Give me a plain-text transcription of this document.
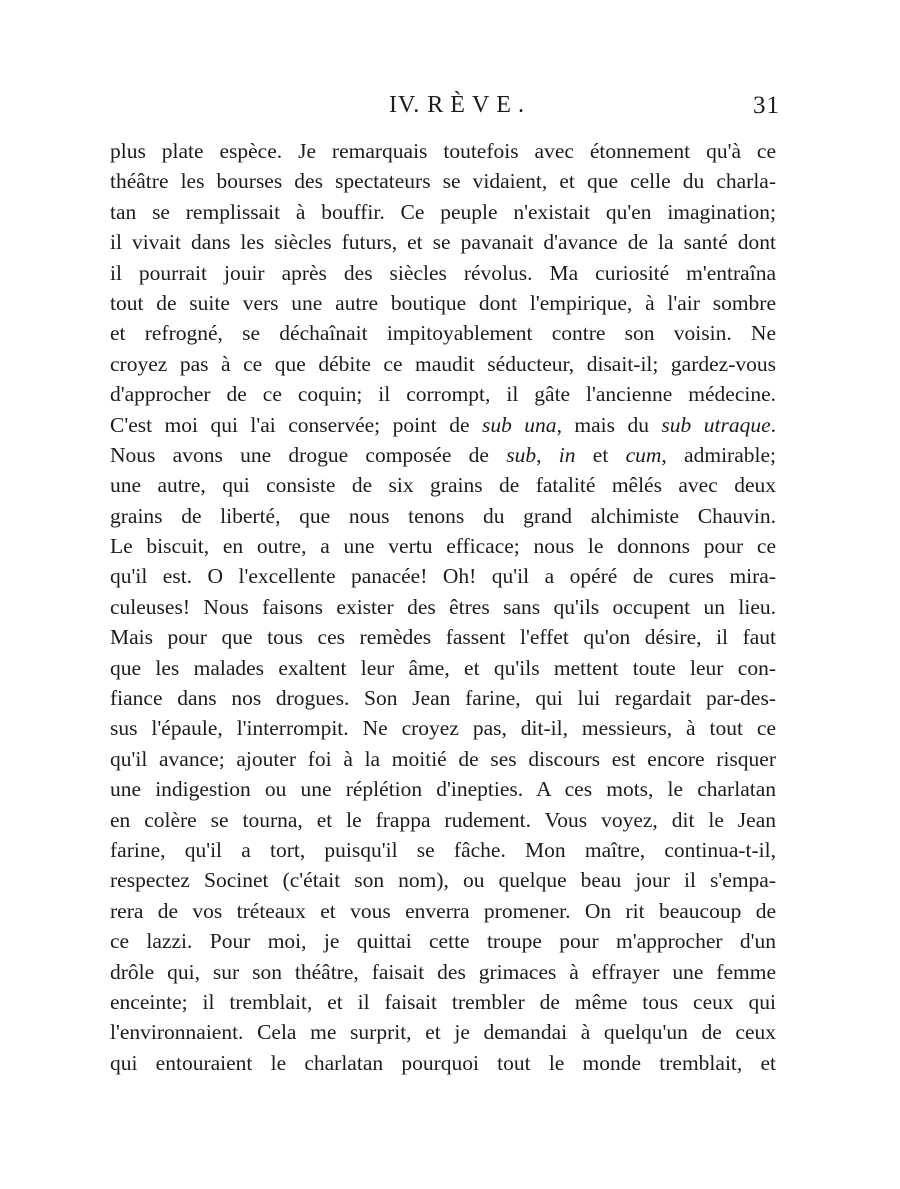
IV. RÈVE.	31
plus plate espèce. Je remarquais toutefois avec étonnement qu'à ce
théâtre les bourses des spectateurs se vidaient, et que celle du charla-
tan se remplissait à bouffir. Ce peuple n'existait qu'en imagination;
il vivait dans les siècles futurs, et se pavanait d'avance de la santé dont
il pourrait jouir après des siècles révolus. Ma curiosité m'entraîna
tout de suite vers une autre boutique dont l'empirique, à l'air sombre
et refrogné, se déchaînait impitoyablement contre son voisin. Ne
croyez pas à ce que débite ce maudit séducteur, disait-il; gardez-vous
d'approcher de ce coquin; il corrompt, il gâte l'ancienne médecine.
C'est moi qui l'ai conservée; point de sub una, mais du sub utraque.
Nous avons une drogue composée de sub, in et cum, admirable;
une autre, qui consiste de six grains de fatalité mêlés avec deux
grains de liberté, que nous tenons du grand alchimiste Chauvin.
Le biscuit, en outre, a une vertu efficace; nous le donnons pour ce
qu'il est. O l'excellente panacée! Oh! qu'il a opéré de cures mira-
culeuses! Nous faisons exister des êtres sans qu'ils occupent un lieu.
Mais pour que tous ces remèdes fassent l'effet qu'on désire, il faut
que les malades exaltent leur âme, et qu'ils mettent toute leur con-
fiance dans nos drogues. Son Jean farine, qui lui regardait par-des-
sus l'épaule, l'interrompit. Ne croyez pas, dit-il, messieurs, à tout ce
qu'il avance; ajouter foi à la moitié de ses discours est encore risquer
une indigestion ou une réplétion d'inepties. A ces mots, le charlatan
en colère se tourna, et le frappa rudement. Vous voyez, dit le Jean
farine, qu'il a tort, puisqu'il se fâche. Mon maître, continua-t-il,
respectez Socinet (c'était son nom), ou quelque beau jour il s'empa-
rera de vos tréteaux et vous enverra promener. On rit beaucoup de
ce lazzi. Pour moi, je quittai cette troupe pour m'approcher d'un
drôle qui, sur son théâtre, faisait des grimaces à effrayer une femme
enceinte; il tremblait, et il faisait trembler de même tous ceux qui
l'environnaient. Cela me surprit, et je demandai à quelqu'un de ceux
qui entouraient le charlatan pourquoi tout le monde tremblait, et
